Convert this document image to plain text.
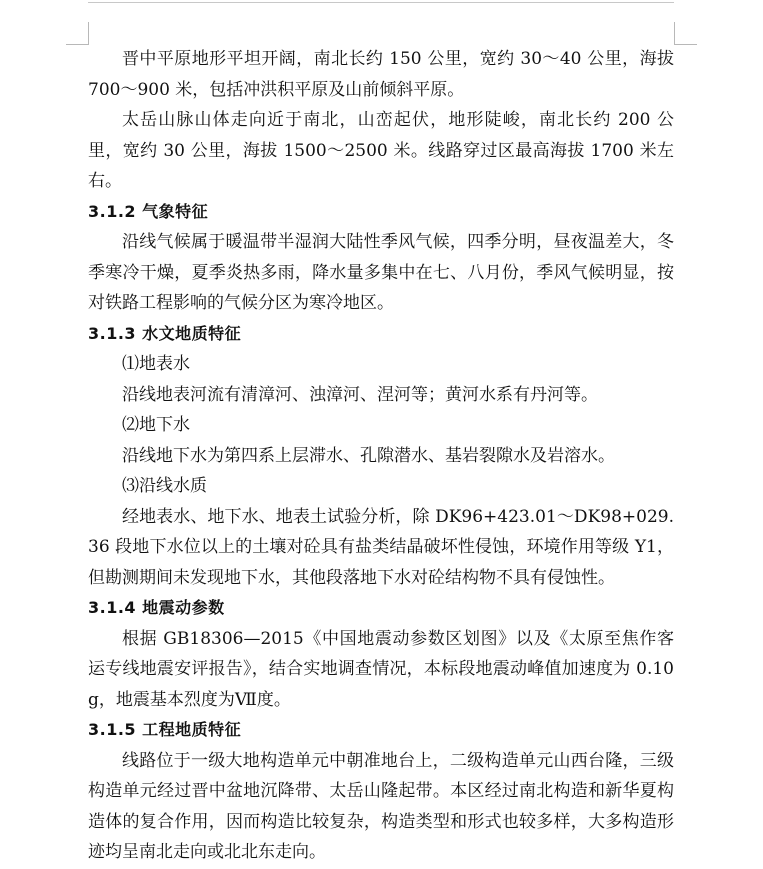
晋中平原地形平坦开阔，南北长约 150 公里，宽约 30～40 公里，海拔 700～900 米，包括冲洪积平原及山前倾斜平原。

太岳山脉山体走向近于南北，山峦起伏，地形陡峻，南北长约 200 公里，宽约 30 公里，海拔 1500～2500 米。线路穿过区最高海拔 1700 米左右。

3.1.2 气象特征

沿线气候属于暖温带半湿润大陆性季风气候，四季分明，昼夜温差大，冬季寒冷干燥，夏季炎热多雨，降水量多集中在七、八月份，季风气候明显，按对铁路工程影响的气候分区为寒冷地区。

3.1.3 水文地质特征

⑴地表水

沿线地表河流有清漳河、浊漳河、涅河等；黄河水系有丹河等。

⑵地下水

沿线地下水为第四系上层滞水、孔隙潜水、基岩裂隙水及岩溶水。

⑶沿线水质

经地表水、地下水、地表土试验分析，除 DK96+423.01～DK98+029.36 段地下水位以上的土壤对砼具有盐类结晶破坏性侵蚀，环境作用等级 Y1，但勘测期间未发现地下水，其他段落地下水对砼结构物不具有侵蚀性。

3.1.4 地震动参数

根据 GB18306—2015《中国地震动参数区划图》以及《太原至焦作客运专线地震安评报告》，结合实地调查情况，本标段地震动峰值加速度为 0.10g，地震基本烈度为Ⅶ度。

3.1.5 工程地质特征

线路位于一级大地构造单元中朝准地台上，二级构造单元山西台隆，三级构造单元经过晋中盆地沉降带、太岳山隆起带。本区经过南北构造和新华夏构造体的复合作用，因而构造比较复杂，构造类型和形式也较多样，大多构造形迹均呈南北走向或北北东走向。
